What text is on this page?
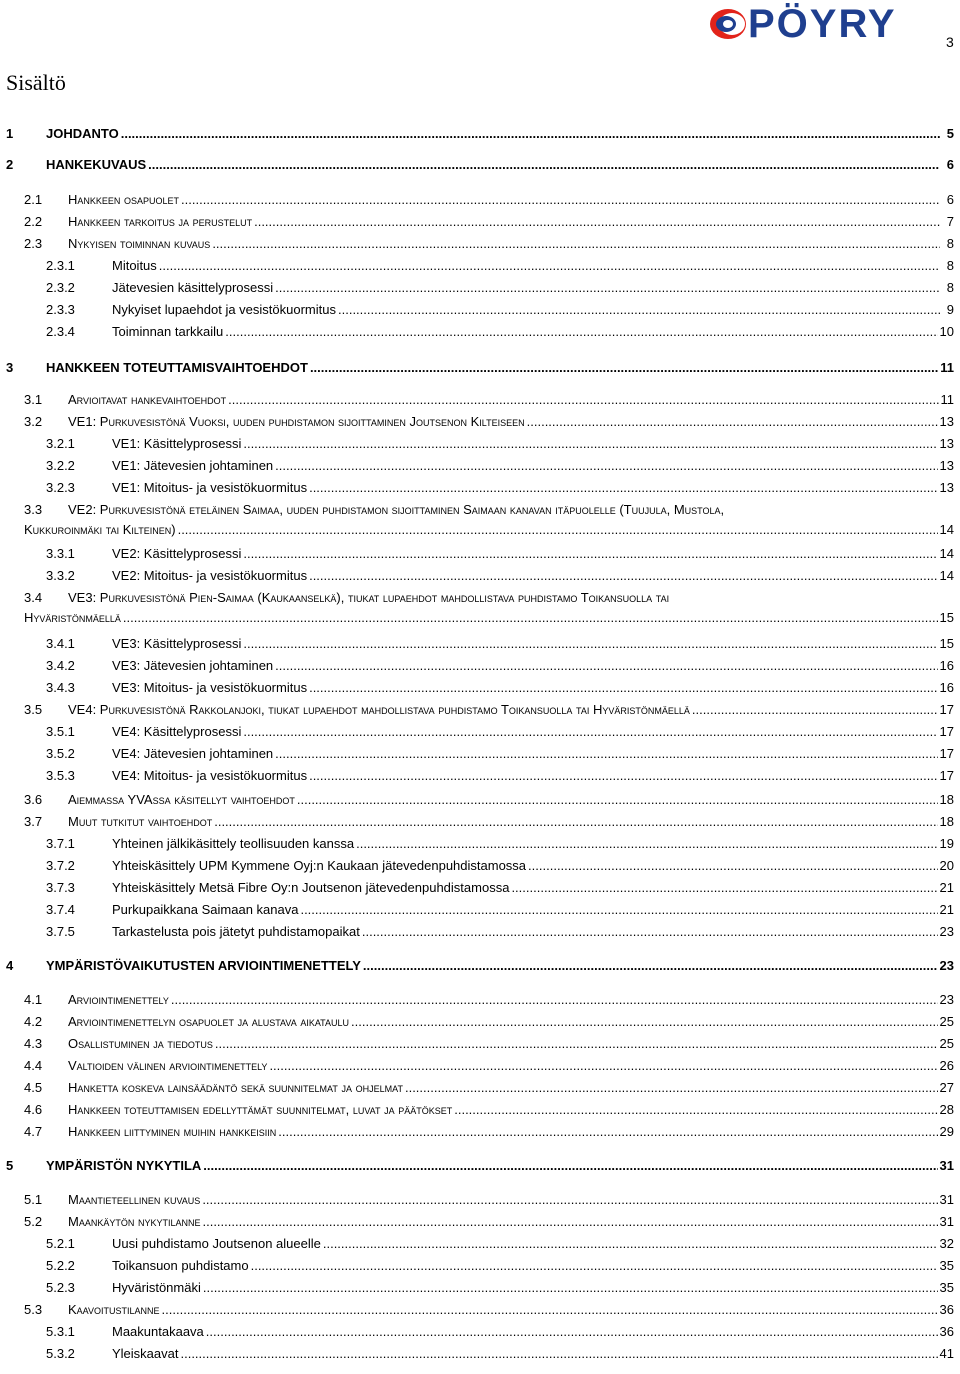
PÖYRY	3
Sisältö
1	JOHDANTO .....	5
2	HANKEKUVAUS .....	6
2.1 Hankkeen osapuolet .....	6
2.2 Hankkeen tarkoitus ja perustelut .....	7
2.3 Nykyisen toiminnan kuvaus .....	8
2.3.1	Mitoitus .....	8
2.3.2	Jätevesien käsittelyprosessi .....	8
2.3.3	Nykyiset lupaehdot ja vesistökuormitus .....	9
2.3.4	Toiminnan tarkkailu .....	10
3	HANKKEEN TOTEUTTAMISVAIHTOEHDOT .....	11
3.1 Arvioitavat hankevaihtoehdot .....	11
3.2 VE1: Purkuvesistönä Vuoksi, uuden puhdistamon sijoittaminen Joutsenon Kilteiseen .....	13
3.2.1	VE1: Käsittelyprosessi .....	13
3.2.2	VE1: Jätevesien johtaminen .....	13
3.2.3	VE1: Mitoitus- ja vesistökuormitus .....	13
3.3 VE2: Purkuvesistönä eteläinen Saimaa, uuden puhdistamon sijoittaminen Saimaan kanavan itäpuolelle (Tuujula, Mustola,
Kukkuroinmäki tai Kilteinen) .....	14
3.3.1	VE2: Käsittelyprosessi .....	14
3.3.2	VE2: Mitoitus- ja vesistökuormitus .....	14
3.4 VE3: Purkuvesistönä Pien-Saimaa (Kaukaanselkä), tiukat lupaehdot mahdollistava puhdistamo Toikansuolla tai
Hyväristönmäellä .....	15
3.4.1	VE3: Käsittelyprosessi .....	15
3.4.2	VE3: Jätevesien johtaminen .....	16
3.4.3	VE3: Mitoitus- ja vesistökuormitus .....	16
3.5 VE4: Purkuvesistönä Rakkolanjoki, tiukat lupaehdot mahdollistava puhdistamo Toikansuolla tai Hyväristönmäellä .....	17
3.5.1	VE4: Käsittelyprosessi .....	17
3.5.2	VE4: Jätevesien johtaminen .....	17
3.5.3	VE4: Mitoitus- ja vesistökuormitus .....	17
3.6 Aiemmassa YVAssa käsitellyt vaihtoehdot .....	18
3.7 Muut tutkitut vaihtoehdot .....	18
3.7.1	Yhteinen jälkikäsittely teollisuuden kanssa .....	19
3.7.2	Yhteiskäsittely UPM Kymmene Oyj:n Kaukaan jätevedenpuhdistamossa .....	20
3.7.3	Yhteiskäsittely Metsä Fibre Oy:n Joutsenon jätevedenpuhdistamossa .....	21
3.7.4	Purkupaikkana Saimaan kanava .....	21
3.7.5	Tarkastelusta pois jätetyt puhdistamopaikat .....	23
4	YMPÄRISTÖVAIKUTUSTEN ARVIOINTIMENETTELY .....	23
4.1 Arviointimenettely .....	23
4.2 Arviointimenettelyn osapuolet ja alustava aikataulu .....	25
4.3 Osallistuminen ja tiedotus .....	25
4.4 Valtioiden välinen arviointimenettely .....	26
4.5 Hanketta koskeva lainsäädäntö sekä suunnitelmat ja ohjelmat .....	27
4.6 Hankkeen toteuttamisen edellyttämät suunnitelmat, luvat ja päätökset .....	28
4.7 Hankkeen liittyminen muihin hankkeisiin .....	29
5	YMPÄRISTÖN NYKYTILA .....	31
5.1 Maantieteellinen kuvaus .....	31
5.2 Maankäytön nykytilanne .....	31
5.2.1	Uusi puhdistamo Joutsenon alueelle .....	32
5.2.2	Toikansuon puhdistamo .....	35
5.2.3	Hyväristönmäki .....	35
5.3 Kaavoitustilanne .....	36
5.3.1	Maakuntakaava .....	36
5.3.2	Yleiskaavat .....	41
